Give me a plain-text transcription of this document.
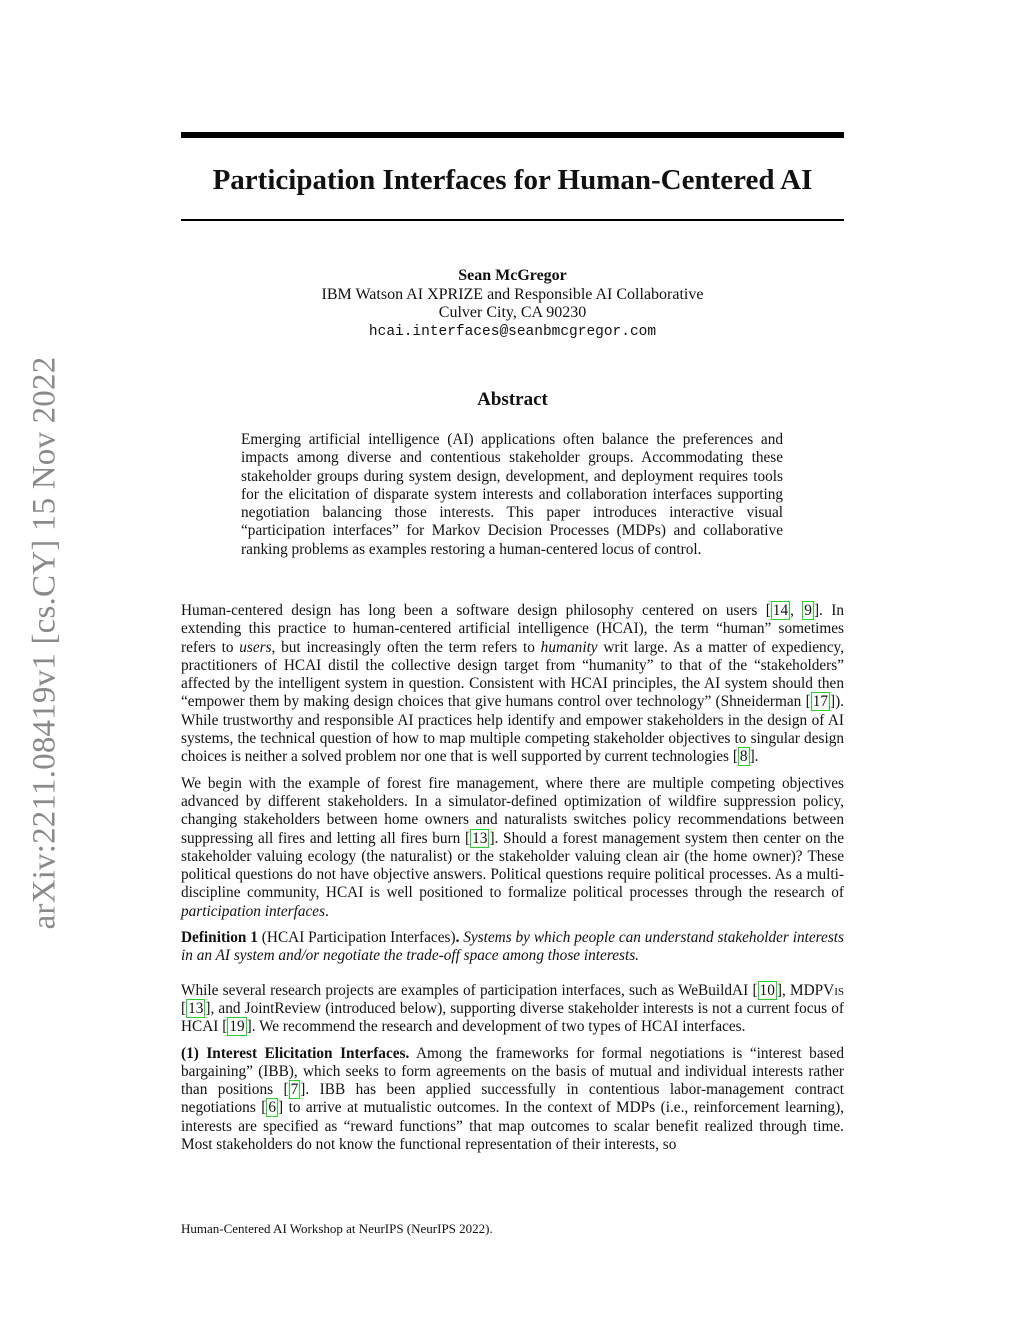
arXiv:2211.08419v1 [cs.CY] 15 Nov 2022
Participation Interfaces for Human-Centered AI
Sean McGregor
IBM Watson AI XPRIZE and Responsible AI Collaborative
Culver City, CA 90230
hcai.interfaces@seanbmcgregor.com
Abstract

Emerging artificial intelligence (AI) applications often balance the preferences and impacts among diverse and contentious stakeholder groups. Accommodating these stakeholder groups during system design, development, and deployment requires tools for the elicitation of disparate system interests and collaboration interfaces supporting negotiation balancing those interests. This paper introduces interactive visual “participation interfaces” for Markov Decision Processes (MDPs) and collaborative ranking problems as examples restoring a human-centered locus of control.

Human-centered design has long been a software design philosophy centered on users [ 14 , 9 ]. In extending this practice to human-centered artificial intelligence (HCAI), the term “human” sometimes refers to users, but increasingly often the term refers to humanity writ large. As a matter of expediency, practitioners of HCAI distil the collective design target from “humanity” to that of the “stakeholders” affected by the intelligent system in question. Consistent with HCAI principles, the AI system should then “empower them by making design choices that give humans control over technology” (Shneiderman [ 17 ]). While trustworthy and responsible AI practices help identify and empower stakeholders in the design of AI systems, the technical question of how to map multiple competing stakeholder objectives to singular design choices is neither a solved problem nor one that is well supported by current technologies [ 8 ].

We begin with the example of forest fire management, where there are multiple competing objectives advanced by different stakeholders. In a simulator-defined optimization of wildfire suppression policy, changing stakeholders between home owners and naturalists switches policy recommendations between suppressing all fires and letting all fires burn [ 13 ]. Should a forest management system then center on the stakeholder valuing ecology (the naturalist) or the stakeholder valuing clean air (the home owner)? These political questions do not have objective answers. Political questions require political processes. As a multi-discipline community, HCAI is well positioned to formalize political processes through the research of participation interfaces.

Definition 1 (HCAI Participation Interfaces). Systems by which people can understand stakeholder interests in an AI system and/or negotiate the trade-off space among those interests.

While several research projects are examples of participation interfaces, such as WeBuildAI [ 10 ], MDPVis [ 13 ], and JointReview (introduced below), supporting diverse stakeholder interests is not a current focus of HCAI [ 19 ]. We recommend the research and development of two types of HCAI interfaces.

(1) Interest Elicitation Interfaces. Among the frameworks for formal negotiations is “interest based bargaining” (IBB), which seeks to form agreements on the basis of mutual and individual interests rather than positions [ 7 ]. IBB has been applied successfully in contentious labor-management contract negotiations [ 6 ] to arrive at mutualistic outcomes. In the context of MDPs (i.e., reinforcement learning), interests are specified as “reward functions” that map outcomes to scalar benefit realized through time. Most stakeholders do not know the functional representation of their interests, so

Human-Centered AI Workshop at NeurIPS (NeurIPS 2022).
